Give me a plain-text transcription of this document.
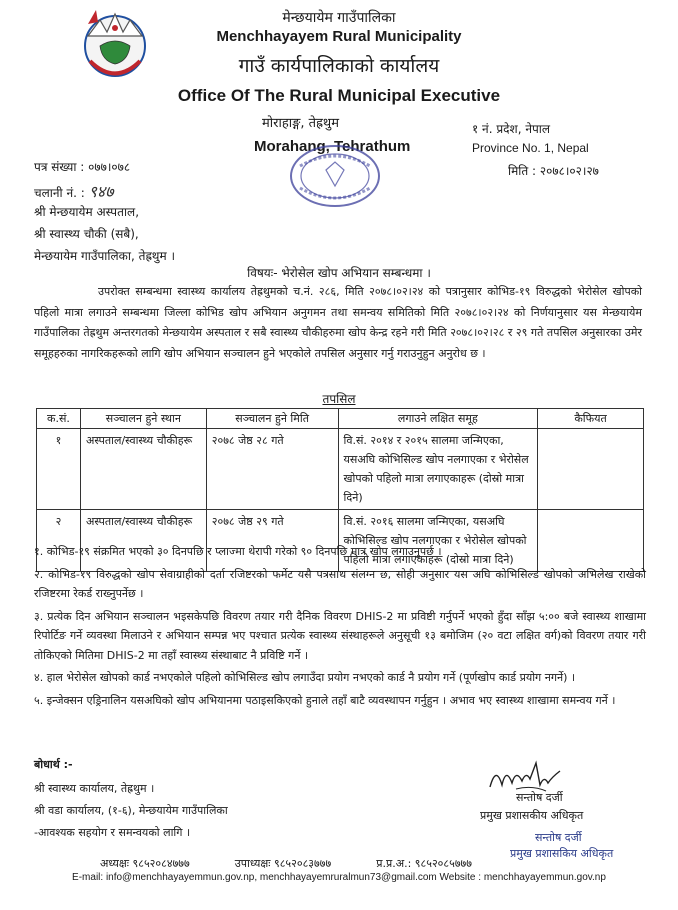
मेन्छयायेम गाउँपालिका
Menchhayayem Rural Municipality
गाउँ कार्यपालिकाको कार्यालय
Office Of The Rural Municipal Executive
मोराहाङ्ग, तेह्रथुम
Morahang, Tehrathum
१ नं. प्रदेश, नेपाल
Province No. 1, Nepal
मिति : २०७८।०२।२७
पत्र संख्या : ०७७।०७८
चलानी नं. : ९४७
श्री मेन्छयायेम अस्पताल,
श्री स्वास्थ्य चौकी (सबै),
मेन्छयायेम गाउँपालिका, तेह्रथुम ।
विषयः- भेरोसेल खोप अभियान सम्बन्धमा ।
उपरोक्त सम्बन्धमा स्वास्थ्य कार्यालय तेह्रथुमको च.नं. २८६, मिति २०७८।०२।२४ को पत्रानुसार कोभिड-१९ विरुद्धको भेरोसेल खोपको पहिलो मात्रा लगाउने सम्बन्धमा जिल्ला कोभिड खोप अभियान अनुगमन तथा समन्वय समितिको मिति २०७८।०२।२४ को निर्णयानुसार यस मेन्छयायेम गाउँपालिका तेह्रथुम अन्तरगतको मेन्छयायेम अस्पताल र सबै स्वास्थ्य चौकीहरुमा खोप केन्द्र रहने गरी मिति २०७८।०२।२८ र २९ गते तपसिल अनुसारका उमेर समूहहरुका नागरिकहरूको लागि खोप अभियान सञ्चालन हुने भएकोले तपसिल अनुसार गर्नु गराउनुहुन अनुरोध छ ।
तपसिल
क.सं.	सञ्चालन हुने स्थान	सञ्चालन हुने मिति	लगाउने लक्षित समूह	कैफियत
१	अस्पताल/स्वास्थ्य चौकीहरू	२०७८ जेष्ठ २८ गते	वि.सं. २०१४ र २०१५ सालमा जन्मिएका, यसअघि कोभिसिल्ड खोप नलगाएका र भेरोसेल खोपको पहिलो मात्रा लगाएकाहरू (दोस्रो मात्रा दिने)	
२	अस्पताल/स्वास्थ्य चौकीहरू	२०७८ जेष्ठ २९ गते	वि.सं. २०१६ सालमा जन्मिएका, यसअघि कोभिसिल्ड खोप नलगाएका र भेरोसेल खोपको पहिलो मात्रा लगाएकाहरू (दोस्रो मात्रा दिने)	

१. कोभिड-१९ संक्रमित भएको ३० दिनपछि र प्लाज्मा थेरापी गरेको ९० दिनपछि मात्र खोप लगाउनुपर्छ ।

२. कोभिड-१९ विरुद्धको खोप सेवाग्राहीको दर्ता रजिष्टरको फर्मेट यसै पत्रसाथ संलग्न छ, सोही अनुसार यस अघि कोभिसिल्ड खोपको अभिलेख राखेको रजिष्टरमा रेकर्ड राख्नुपर्नेछ ।

३. प्रत्येक दिन अभियान सञ्चालन भइसकेपछि विवरण तयार गरी दैनिक विवरण DHIS-2 मा प्रविष्टी गर्नुपर्ने भएको हुँदा साँझ ५:०० बजे स्वास्थ्य शाखामा रिपोर्टिङ गर्ने व्यवस्था मिलाउने र अभियान सम्पन्न भए पश्चात प्रत्येक स्वास्थ्य संस्थाहरूले अनुसूची १३ बमोजिम (२० वटा लक्षित वर्ग)को विवरण तयार गरी तोकिएको मितिमा DHIS-2 मा तहाँ स्वास्थ्य संस्थाबाट नै प्रविष्टि गर्ने ।

४. हाल भेरोसेल खोपको कार्ड नभएकोले पहिलो कोभिसिल्ड खोप लगाउँदा प्रयोग नभएको कार्ड नै प्रयोग गर्ने (पूर्णखोप कार्ड प्रयोग नगर्ने) ।

५. इन्जेक्सन एड्रिनालिन यसअघिको खोप अभियानमा पठाइसकिएको हुनाले तहाँ बाटै व्यवस्थापन गर्नुहुन । अभाव भए स्वास्थ्य शाखामा समन्वय गर्ने ।

बोधार्थ :-
श्री स्वास्थ्य कार्यालय, तेह्रथुम ।
श्री वडा कार्यालय, (१-६), मेन्छयायेम गाउँपालिका
-आवश्यक सहयोग र समन्वयको लागि ।
सन्तोष दर्जी
प्रमुख प्रशासकीय अधिकृत
सन्तोष दर्जी
प्रमुख प्रशासकिय अधिकृत
अध्यक्षः ९८५२०८४७७७	उपाध्यक्षः ९८५२०८३७७७	प्र.प्र.अ.: ९८५२०८५७७७
E-mail: info@menchhayayemmun.gov.np, menchhayayemruralmun73@gmail.com Website : menchhayayemmun.gov.np
